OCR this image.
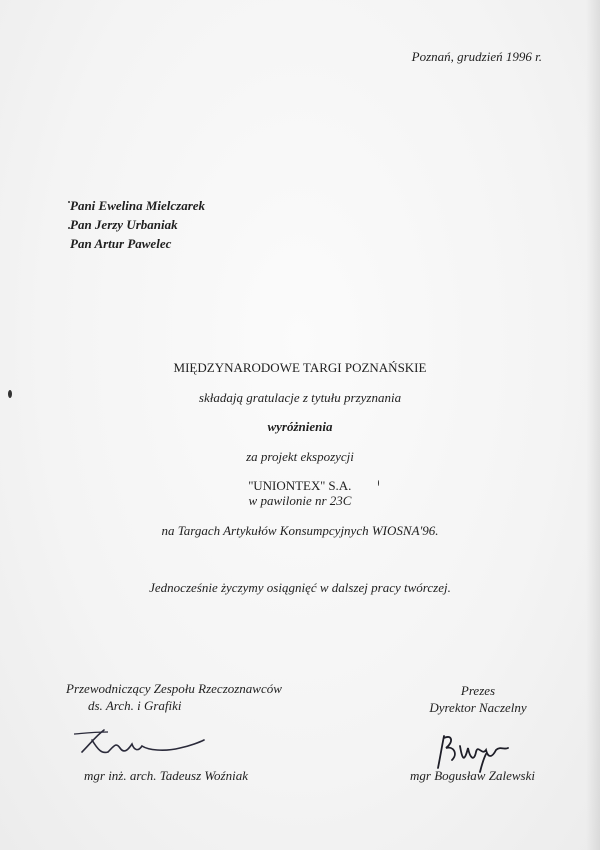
Poznań, grudzień 1996 r.
Pani Ewelina Mielczarek
Pan Jerzy Urbaniak
Pan Artur Pawelec
MIĘDZYNARODOWE TARGI POZNAŃSKIE
składają gratulacje z tytułu przyznania
wyróżnienia
za projekt ekspozycji
''UNIONTEX'' S.A.
w pawilonie nr 23C
na Targach Artykułów Konsumpcyjnych WIOSNA'96.
Jednocześnie życzymy osiągnięć w dalszej pracy twórczej.
Przewodniczący Zespołu Rzeczoznawców
ds. Arch. i Grafiki
Prezes
Dyrektor Naczelny
mgr inż. arch. Tadeusz Woźniak	mgr Bogusław Zalewski
